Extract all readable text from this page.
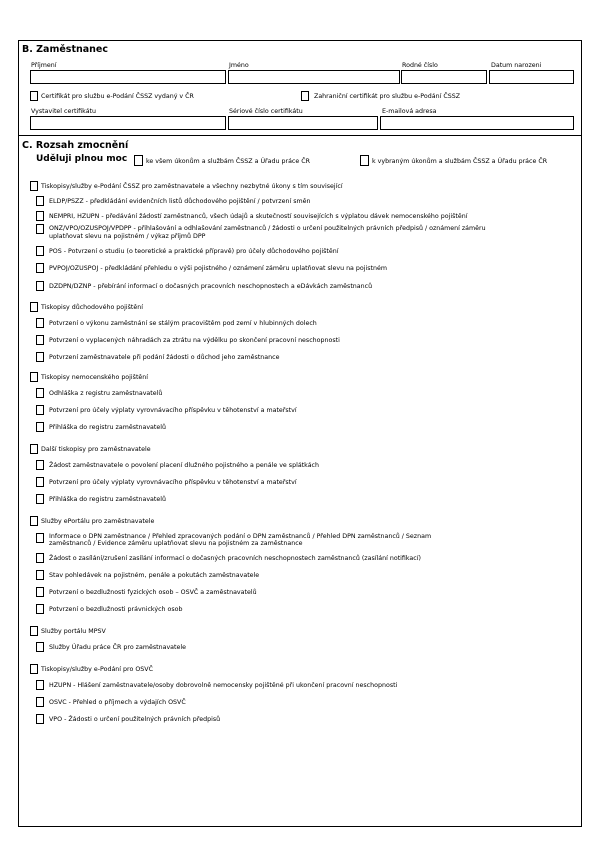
B. Zaměstnanec
Příjmení	Jméno	Rodné číslo	Datum narozeni
Certifikát pro službu e-Podání ČSSZ vydaný v ČR	Zahraniční certifikát pro službu e-Podání ČSSZ
Vystavitel certifikátu	Sériové číslo certifikátu	E-mailová adresa
C. Rozsah zmocnění
Uděluji plnou moc	ke všem úkonům a službám ČSSZ a Úřadu práce ČR	k vybraným úkonům a službám ČSSZ a Úřadu práce ČR
Tiskopisy/služby e-Podání ČSSZ pro zaměstnavatele a všechny nezbytné úkony s tím související
ELDP/PSZZ - předkládání evidenčních listů důchodového pojištění / potvrzení směn
NEMPRI, HZUPN - předávání žádostí zaměstnanců, všech údajů a skutečností souvisejících s výplatou dávek nemocenského pojištění
ONZ/VPO/OZUSPOJ/VPDPP - přihlašování a odhlašování zaměstnanců / žádosti o určení použitelných právních předpisů / oznámení záměru
uplatňovat slevu na pojistném / výkaz příjmů DPP
POS - Potvrzení o studiu (o teoretické a praktické přípravě) pro účely důchodového pojištění
PVPOJ/OZUSPOJ - předkládání přehledu o výši pojistného / oznámení záměru uplatňovat slevu na pojistném
DZDPN/DZNP - přebírání informací o dočasných pracovních neschopnostech a eDávkách zaměstnanců
Tiskopisy důchodového pojištění
Potvrzení o výkonu zaměstnání se stálým pracovištěm pod zemí v hlubinných dolech
Potvrzení o vyplacených náhradách za ztrátu na výdělku po skončení pracovní neschopnosti
Potvrzení zaměstnavatele při podání žádosti o důchod jeho zaměstnance
Tiskopisy nemocenského pojištění
Odhláška z registru zaměstnavatelů
Potvrzení pro účely výplaty vyrovnávacího příspěvku v těhotenství a mateřství
Přihláška do registru zaměstnavatelů
Další tiskopisy pro zaměstnavatele
Žádost zaměstnavatele o povolení placení dlužného pojistného a penále ve splátkách
Potvrzení pro účely výplaty vyrovnávacího příspěvku v těhotenství a mateřství
Přihláška do registru zaměstnavatelů
Služby ePortálu pro zaměstnavatele
Informace o DPN zaměstnance / Přehled zpracovaných podání o DPN zaměstnanců / Přehled DPN zaměstnanců / Seznam
zaměstnanců / Evidence záměru uplatňovat slevu na pojistném za zaměstnance
Žádost o zasílání/zrušení zasílání informací o dočasných pracovních neschopnostech zaměstnanců (zasílání notifikací)
Stav pohledávek na pojistném, penále a pokutách zaměstnavatele
Potvrzení o bezdlužnosti fyzických osob – OSVČ a zaměstnavatelů
Potvrzení o bezdlužnosti právnických osob
Služby portálu MPSV
Služby Úřadu práce ČR pro zaměstnavatele
Tiskopisy/služby e-Podání pro OSVČ
HZUPN - Hlášení zaměstnavatele/osoby dobrovolně nemocensky pojištěné při ukončení pracovní neschopnosti
OSVC - Přehled o příjmech a výdajích OSVČ
VPO - Žádosti o určení použitelných právních předpisů
